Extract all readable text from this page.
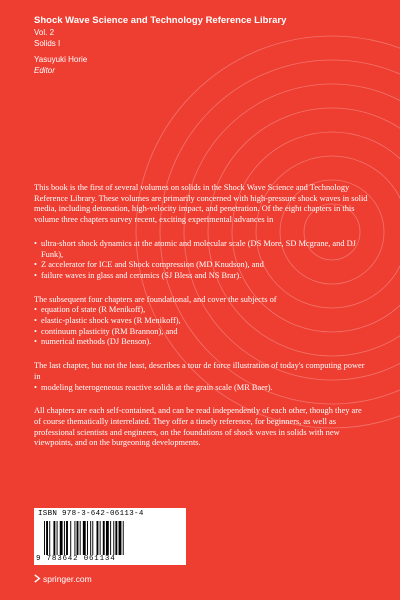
Shock Wave Science and Technology Reference Library
Vol. 2
Solids I
Yasuyuki Horie
Editor

This book is the first of several volumes on solids in the Shock Wave Science and Technology Reference Library. These volumes are primarily concerned with high-pressure shock waves in solid media, including detonation, high-velocity impact, and penetration. Of the eight chapters in this volume three chapters survey recent, exciting experimental advances in

• ultra-short shock dynamics at the atomic and molecular scale (DS More, SD Mcgrane, and DJ Funk),
• Z accelerator for ICE and Shock compression (MD Knudson), and
• failure waves in glass and ceramics (SJ Bless and NS Brar).

The subsequent four chapters are foundational, and cover the subjects of

• equation of state (R Menikoff),
• elastic-plastic shock waves (R Menikoff),
• continuum plasticity (RM Brannon), and
• numerical methods (DJ Benson).

The last chapter, but not the least, describes a tour de force illustration of today's computing power in

• modeling heterogeneous reactive solids at the grain scale (MR Baer).

All chapters are each self-contained, and can be read independently of each other, though they are of course thematically interrelated. They offer a timely reference, for beginners, as well as professional scientists and engineers, on the foundations of shock waves in solids with new viewpoints, and on the burgeoning developments.

ISBN 978-3-642-06113-4
9 783642 061134
springer.com
